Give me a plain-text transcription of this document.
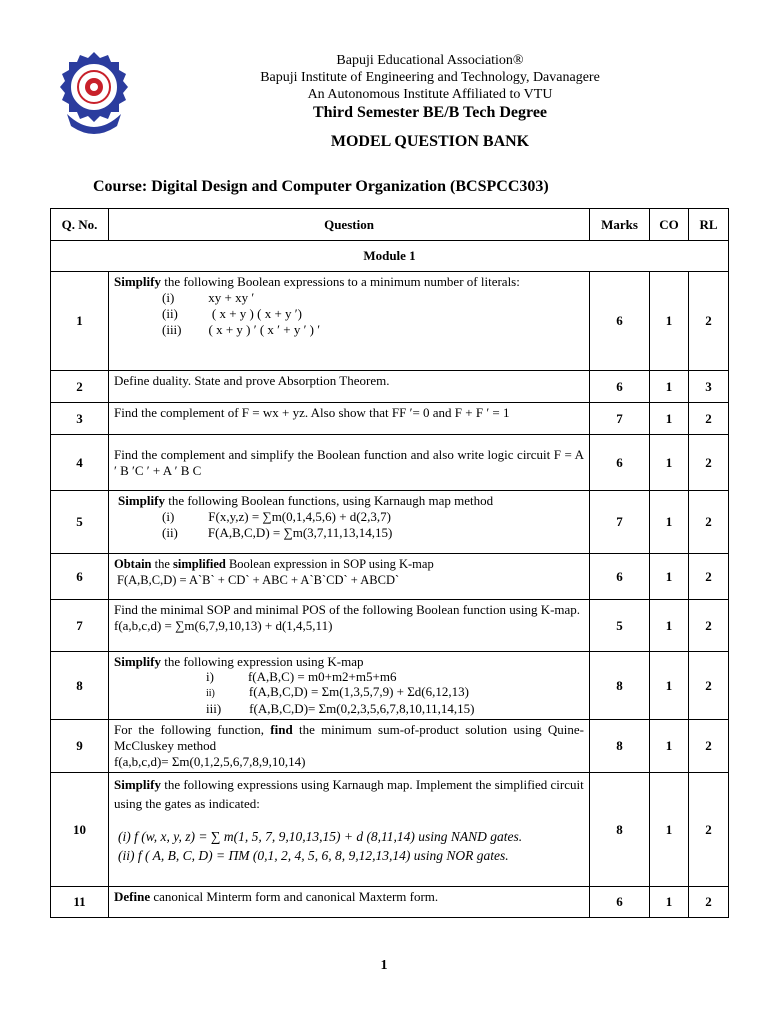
Bapuji Educational Association®
Bapuji Institute of Engineering and Technology, Davanagere
An Autonomous Institute Affiliated to VTU
Third Semester BE/B Tech Degree
MODEL QUESTION BANK
Course: Digital Design and Computer Organization (BCSPCC303)
Q. No.	Question	Marks	CO	RL
Module 1				
1	Simplify the following Boolean expressions to a minimum number of literals:
(i) xy + xy ′
(ii) ( x + y ) ( x + y ′)
(iii) ( x + y ) ′ ( x ′ + y ′ ) ′	6	1	2
2	Define duality. State and prove Absorption Theorem.	6	1	3
3	Find the complement of F = wx + yz. Also show that FF ′= 0 and F + F ′ = 1	7	1	2
4	Find the complement and simplify the Boolean function and also write logic circuit F = A ′ B ′C ′ + A ′ B C	6	1	2
5	Simplify the following Boolean functions, using Karnaugh map method
(i) F(x,y,z) = ∑m(0,1,4,5,6) + d(2,3,7)
(ii) F(A,B,C,D) = ∑m(3,7,11,13,14,15)	7	1	2
6	Obtain the simplified Boolean expression in SOP using K-map
F(A,B,C,D) = A`B` + CD` + ABC + A`B`CD` + ABCD`	6	1	2
7	Find the minimal SOP and minimal POS of the following Boolean function using K-map.
f(a,b,c,d) = ∑m(6,7,9,10,13) + d(1,4,5,11)	5	1	2
8	Simplify the following expression using K-map
i) f(A,B,C) = m0+m2+m5+m6
ii) f(A,B,C,D) = Σm(1,3,5,7,9) + Σd(6,12,13)
iii) f(A,B,C,D)= Σm(0,2,3,5,6,7,8,10,11,14,15)	8	1	2
9	For the following function, find the minimum sum-of-product solution using Quine- McCluskey method
f(a,b,c,d)= Σm(0,1,2,5,6,7,8,9,10,14)	8	1	2
10	Simplify the following expressions using Karnaugh map. Implement the simplified circuit using the gates as indicated:
(i) f (w, x, y, z) = ∑ m(1, 5, 7, 9,10,13,15) + d (8,11,14) using NAND gates.
(ii) f ( A, B, C, D) = ΠM (0,1, 2, 4, 5, 6, 8, 9,12,13,14) using NOR gates.	8	1	2
11	Define canonical Minterm form and canonical Maxterm form.	6	1	2
1
